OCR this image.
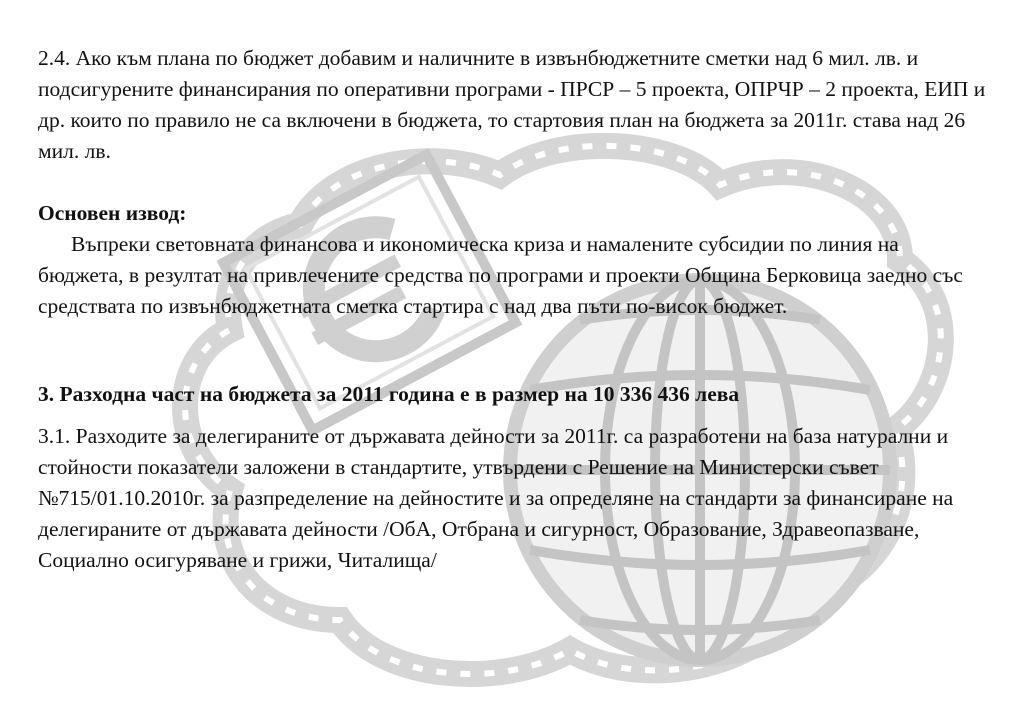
2.4. Ако към плана по бюджет добавим и наличните в извънбюджетните сметки над 6 мил. лв. и подсигурените финансирания по оперативни програми - ПРСР – 5 проекта, ОПРЧР – 2 проекта, ЕИП и др. които по правило не са включени в бюджета, то стартовия план на бюджета за 2011г. става над 26 мил. лв.

Основен извод:

Въпреки световната финансова и икономическа криза и намалените субсидии по линия на бюджета, в резултат на привлечените средства по програми и проекти Община Берковица заедно със средствата по извънбюджетната сметка стартира с над два пъти по-висок бюджет.

3. Разходна част на бюджета за 2011 година е в размер на 10 336 436 лева

3.1. Разходите за делегираните от държавата дейности за 2011г. са разработени на база натурални и стойности показатели заложени в стандартите, утвърдени с Решение на Министерски съвет №715/01.10.2010г. за разпределение на дейностите и за определяне на стандарти за финансиране на делегираните от държавата дейности /ОбА, Отбрана и сигурност, Образование, Здравеопазване, Социално осигуряване и грижи, Читалища/
